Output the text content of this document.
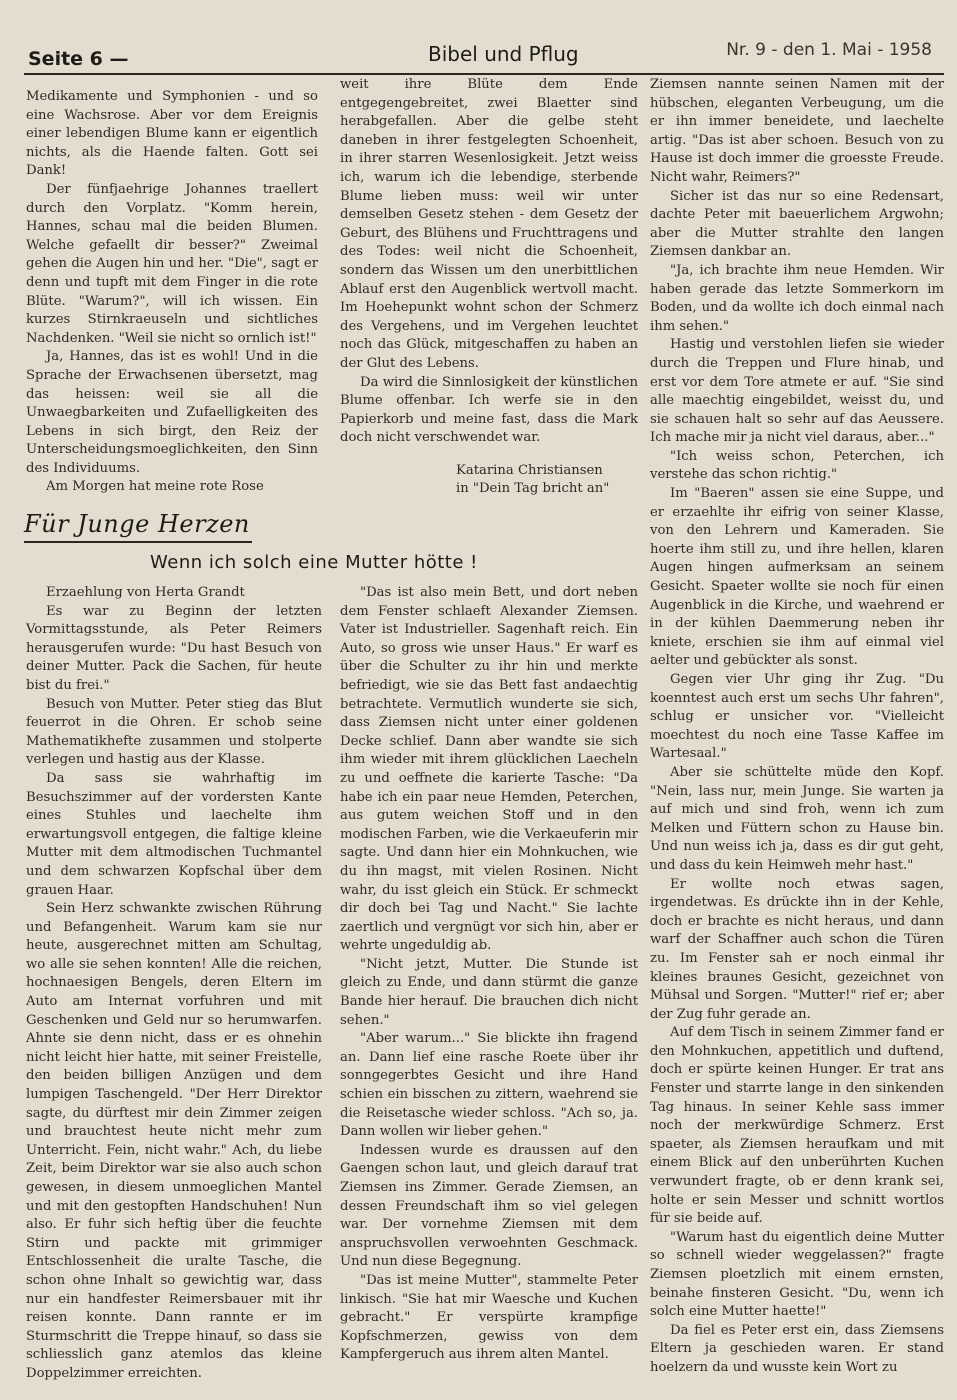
Seite 6 —	Bibel und Pflug	Nr. 9 - den 1. Mai - 1958

Medikamente und Symphonien - und so eine Wachsrose. Aber vor dem Ereignis einer lebendigen Blume kann er eigentlich nichts, als die Haende falten. Gott sei Dank!

Der fünfjaehrige Johannes traellert durch den Vorplatz. "Komm herein, Hannes, schau mal die beiden Blumen. Welche gefaellt dir besser?" Zweimal gehen die Augen hin und her. "Die", sagt er denn und tupft mit dem Finger in die rote Blüte. "Warum?", will ich wissen. Ein kurzes Stirnkraeuseln und sichtliches Nachdenken. "Weil sie nicht so ornlich ist!"

Ja, Hannes, das ist es wohl! Und in die Sprache der Erwachsenen übersetzt, mag das heissen: weil sie all die Unwaegbarkeiten und Zufaelligkeiten des Lebens in sich birgt, den Reiz der Unterscheidungsmoeglichkeiten, den Sinn des Individuums.

Am Morgen hat meine rote Rose

weit ihre Blüte dem Ende entgegengebreitet, zwei Blaetter sind herabgefallen. Aber die gelbe steht daneben in ihrer festgelegten Schoenheit, in ihrer starren Wesenlosigkeit. Jetzt weiss ich, warum ich die lebendige, sterbende Blume lieben muss: weil wir unter demselben Gesetz stehen - dem Gesetz der Geburt, des Blühens und Fruchttragens und des Todes: weil nicht die Schoenheit, sondern das Wissen um den unerbittlichen Ablauf erst den Augenblick wertvoll macht. Im Hoehepunkt wohnt schon der Schmerz des Vergehens, und im Vergehen leuchtet noch das Glück, mitgeschaffen zu haben an der Glut des Lebens.

Da wird die Sinnlosigkeit der künstlichen Blume offenbar. Ich werfe sie in den Papierkorb und meine fast, dass die Mark doch nicht verschwendet war.

Katarina Christiansen
in "Dein Tag bricht an"
Für Junge Herzen
Wenn ich solch eine Mutter hötte !

Erzaehlung von Herta Grandt

Es war zu Beginn der letzten Vormittagsstunde, als Peter Reimers herausgerufen wurde: "Du hast Besuch von deiner Mutter. Pack die Sachen, für heute bist du frei."

Besuch von Mutter. Peter stieg das Blut feuerrot in die Ohren. Er schob seine Mathematikhefte zusammen und stolperte verlegen und hastig aus der Klasse.

Da sass sie wahrhaftig im Besuchszimmer auf der vordersten Kante eines Stuhles und laechelte ihm erwartungsvoll entgegen, die faltige kleine Mutter mit dem altmodischen Tuchmantel und dem schwarzen Kopfschal über dem grauen Haar.

Sein Herz schwankte zwischen Rührung und Befangenheit. Warum kam sie nur heute, ausgerechnet mitten am Schultag, wo alle sie sehen konnten! Alle die reichen, hochnaesigen Bengels, deren Eltern im Auto am Internat vorfuhren und mit Geschenken und Geld nur so herumwarfen. Ahnte sie denn nicht, dass er es ohnehin nicht leicht hier hatte, mit seiner Freistelle, den beiden billigen Anzügen und dem lumpigen Taschengeld. "Der Herr Direktor sagte, du dürftest mir dein Zimmer zeigen und brauchtest heute nicht mehr zum Unterricht. Fein, nicht wahr." Ach, du liebe Zeit, beim Direktor war sie also auch schon gewesen, in diesem unmoeglichen Mantel und mit den gestopften Handschuhen! Nun also. Er fuhr sich heftig über die feuchte Stirn und packte mit grimmiger Entschlossenheit die uralte Tasche, die schon ohne Inhalt so gewichtig war, dass nur ein handfester Reimersbauer mit ihr reisen konnte. Dann rannte er im Sturmschritt die Treppe hinauf, so dass sie schliesslich ganz atemlos das kleine Doppelzimmer erreichten.

"Das ist also mein Bett, und dort neben dem Fenster schlaeft Alexander Ziemsen. Vater ist Industrieller. Sagenhaft reich. Ein Auto, so gross wie unser Haus." Er warf es über die Schulter zu ihr hin und merkte befriedigt, wie sie das Bett fast andaechtig betrachtete. Vermutlich wunderte sie sich, dass Ziemsen nicht unter einer goldenen Decke schlief. Dann aber wandte sie sich ihm wieder mit ihrem glücklichen Laecheln zu und oeffnete die karierte Tasche: "Da habe ich ein paar neue Hemden, Peterchen, aus gutem weichen Stoff und in den modischen Farben, wie die Verkaeuferin mir sagte. Und dann hier ein Mohnkuchen, wie du ihn magst, mit vielen Rosinen. Nicht wahr, du isst gleich ein Stück. Er schmeckt dir doch bei Tag und Nacht." Sie lachte zaertlich und vergnügt vor sich hin, aber er wehrte ungeduldig ab.

"Nicht jetzt, Mutter. Die Stunde ist gleich zu Ende, und dann stürmt die ganze Bande hier herauf. Die brauchen dich nicht sehen."

"Aber warum..." Sie blickte ihn fragend an. Dann lief eine rasche Roete über ihr sonngegerbtes Gesicht und ihre Hand schien ein bisschen zu zittern, waehrend sie die Reisetasche wieder schloss. "Ach so, ja. Dann wollen wir lieber gehen."

Indessen wurde es draussen auf den Gaengen schon laut, und gleich darauf trat Ziemsen ins Zimmer. Gerade Ziemsen, an dessen Freundschaft ihm so viel gelegen war. Der vornehme Ziemsen mit dem anspruchsvollen verwoehnten Geschmack. Und nun diese Begegnung.

"Das ist meine Mutter", stammelte Peter linkisch. "Sie hat mir Waesche und Kuchen gebracht." Er verspürte krampfige Kopfschmerzen, gewiss von dem Kampfergeruch aus ihrem alten Mantel.

Ziemsen nannte seinen Namen mit der hübschen, eleganten Verbeugung, um die er ihn immer beneidete, und laechelte artig. "Das ist aber schoen. Besuch von zu Hause ist doch immer die groesste Freude. Nicht wahr, Reimers?"

Sicher ist das nur so eine Redensart, dachte Peter mit baeuerlichem Argwohn; aber die Mutter strahlte den langen Ziemsen dankbar an.

"Ja, ich brachte ihm neue Hemden. Wir haben gerade das letzte Sommerkorn im Boden, und da wollte ich doch einmal nach ihm sehen."

Hastig und verstohlen liefen sie wieder durch die Treppen und Flure hinab, und erst vor dem Tore atmete er auf. "Sie sind alle maechtig eingebildet, weisst du, und sie schauen halt so sehr auf das Aeussere. Ich mache mir ja nicht viel daraus, aber..."

"Ich weiss schon, Peterchen, ich verstehe das schon richtig."

Im "Baeren" assen sie eine Suppe, und er erzaehlte ihr eifrig von seiner Klasse, von den Lehrern und Kameraden. Sie hoerte ihm still zu, und ihre hellen, klaren Augen hingen aufmerksam an seinem Gesicht. Spaeter wollte sie noch für einen Augenblick in die Kirche, und waehrend er in der kühlen Daemmerung neben ihr kniete, erschien sie ihm auf einmal viel aelter und gebückter als sonst.

Gegen vier Uhr ging ihr Zug. "Du koenntest auch erst um sechs Uhr fahren", schlug er unsicher vor. "Vielleicht moechtest du noch eine Tasse Kaffee im Wartesaal."

Aber sie schüttelte müde den Kopf. "Nein, lass nur, mein Junge. Sie warten ja auf mich und sind froh, wenn ich zum Melken und Füttern schon zu Hause bin. Und nun weiss ich ja, dass es dir gut geht, und dass du kein Heimweh mehr hast."

Er wollte noch etwas sagen, irgendetwas. Es drückte ihn in der Kehle, doch er brachte es nicht heraus, und dann warf der Schaffner auch schon die Türen zu. Im Fenster sah er noch einmal ihr kleines braunes Gesicht, gezeichnet von Mühsal und Sorgen. "Mutter!" rief er; aber der Zug fuhr gerade an.

Auf dem Tisch in seinem Zimmer fand er den Mohnkuchen, appetitlich und duftend, doch er spürte keinen Hunger. Er trat ans Fenster und starrte lange in den sinkenden Tag hinaus. In seiner Kehle sass immer noch der merkwürdige Schmerz. Erst spaeter, als Ziemsen heraufkam und mit einem Blick auf den unberührten Kuchen verwundert fragte, ob er denn krank sei, holte er sein Messer und schnitt wortlos für sie beide auf.

"Warum hast du eigentlich deine Mutter so schnell wieder weggelassen?" fragte Ziemsen ploetzlich mit einem ernsten, beinahe finsteren Gesicht. "Du, wenn ich solch eine Mutter haette!"

Da fiel es Peter erst ein, dass Ziemsens Eltern ja geschieden waren. Er stand hoelzern da und wusste kein Wort zu
